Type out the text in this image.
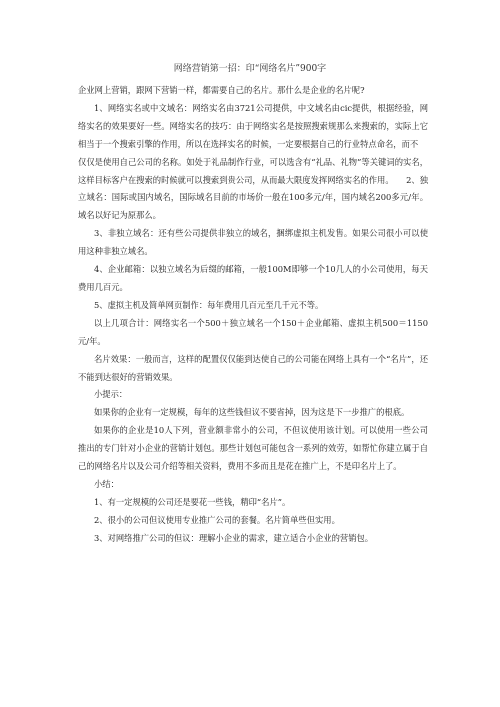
网络营销第一招：印“网络名片”900字

企业网上营销，跟网下营销一样，都需要自己的名片。那什么是企业的名片呢?

1、网络实名或中文域名：网络实名由3721公司提供，中文域名由cic提供，根据经验，网络实名的效果要好一些。网络实名的技巧：由于网络实名是按照搜索规那么来搜索的，实际上它相当于一个搜索引擎的作用，所以在选择实名的时候，一定要根据自己的行业特点命名，而不

仅仅是使用自己公司的名称。如处于礼品制作行业，可以选含有“礼品、礼物”等关键词的实名，这样目标客户在搜索的时候就可以搜索到贵公司，从而最大限度发挥网络实名的作用。　　2、独立域名：国际或国内域名，国际域名目前的市场价一般在100多元/年，国内域名200多元/年。域名以好记为原那么。

3、非独立域名：还有些公司提供非独立的域名，捆绑虚拟主机发售。如果公司很小可以使用这种非独立域名。

4、企业邮箱：以独立域名为后缀的邮箱，一般100M即够一个10几人的小公司使用，每天费用几百元。

5、虚拟主机及简单网页制作：每年费用几百元至几千元不等。

以上几项合计：网络实名一个500＋独立域名一个150＋企业邮箱、虚拟主机500＝1150元/年。

名片效果：一般而言，这样的配置仅仅能到达使自己的公司能在网络上具有一个“名片”，还不能到达很好的营销效果。

小提示：

如果你的企业有一定规模，每年的这些钱但议不要省掉，因为这是下一步推广的根底。

如果你的企业是10人下列，营业额非常小的公司，不但议使用该计划。可以使用一些公司推出的专门针对小企业的营销计划包。那些计划包可能包含一系列的效劳，如帮忙你建立属于自己的网络名片以及公司介绍等相关资料，费用不多而且是花在推广上，不是印名片上了。

小结：

1、有一定规模的公司还是要花一些钱，精印“名片”。

2、很小的公司但议使用专业推广公司的套餐。名片简单些但实用。

3、对网络推广公司的但议：理解小企业的需求，建立适合小企业的营销包。
